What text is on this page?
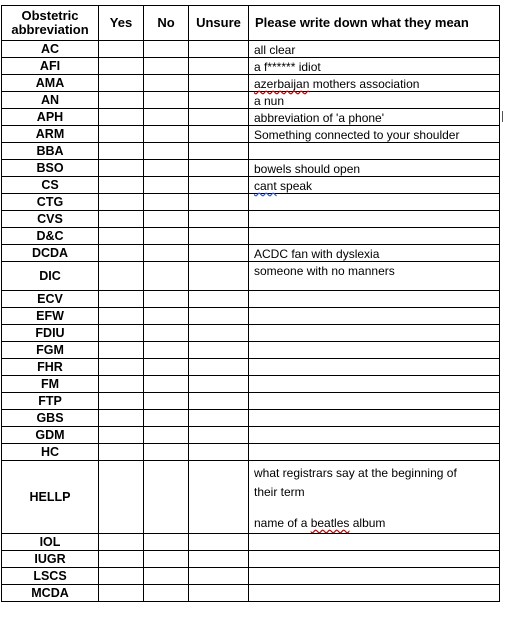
Obstetric abbreviation	Yes	No	Unsure	Please write down what they mean
AC				all clear

AFI				a f****** idiot

AMA				azerbaijan mothers association

AN				a nun

APH				abbreviation of 'a phone'

ARM				Something connected to your shoulder

BBA				
BSO				bowels should open

CS				cant speak

CTG				
CVS				
D&C				
DCDA				ACDC fan with dyslexia

DIC				someone with no manners

ECV				
EFW				
FDIU				
FGM				
FHR				
FM				
FTP				
GBS				
GDM				
HC				
HELLP				what registrars say at the beginning of
their term
name of a beatles album

IOL				
IUGR				
LSCS				
MCDA				
